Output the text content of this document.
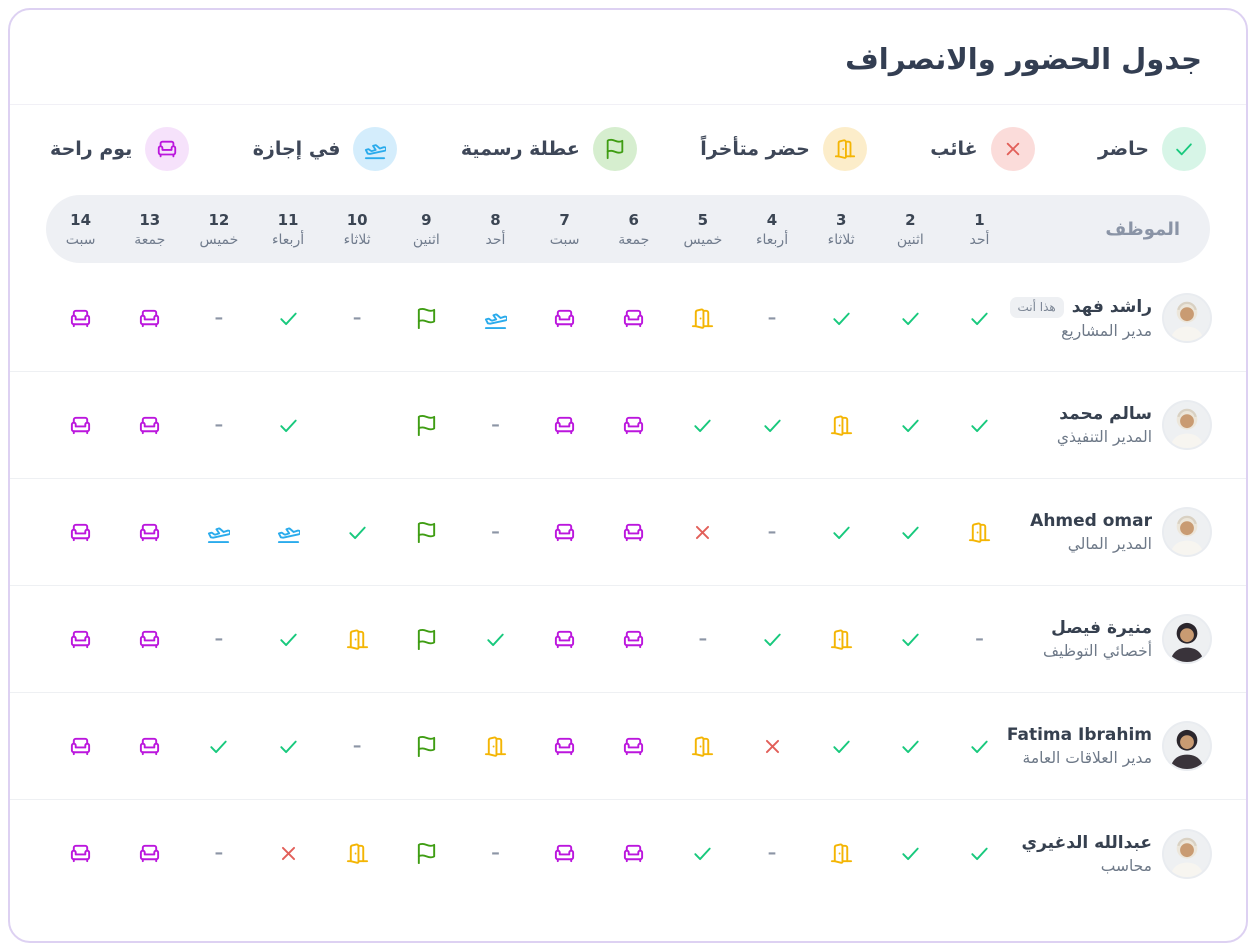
جدول الحضور والانصراف
حاضر
غائب
حضر متأخراً
عطلة رسمية
في إجازة
يوم راحة
الموظف
1
أحد
2
اثنين
3
ثلاثاء
4
أربعاء
5
خميس
6
جمعة
7
سبت
8
أحد
9
اثنين
10
ثلاثاء
11
أربعاء
12
خميس
13
جمعة
14
سبت
راشد فهد
هذا أنت
مدير المشاريع
–
–
–
سالم محمد
المدير التنفيذي
–
–
Ahmed omar
المدير المالي
–
–
منيرة فيصل
أخصائي التوظيف
–
–
–
Fatima Ibrahim
مدير العلاقات العامة
–
عبدالله الدغيري
محاسب
–
–
–
